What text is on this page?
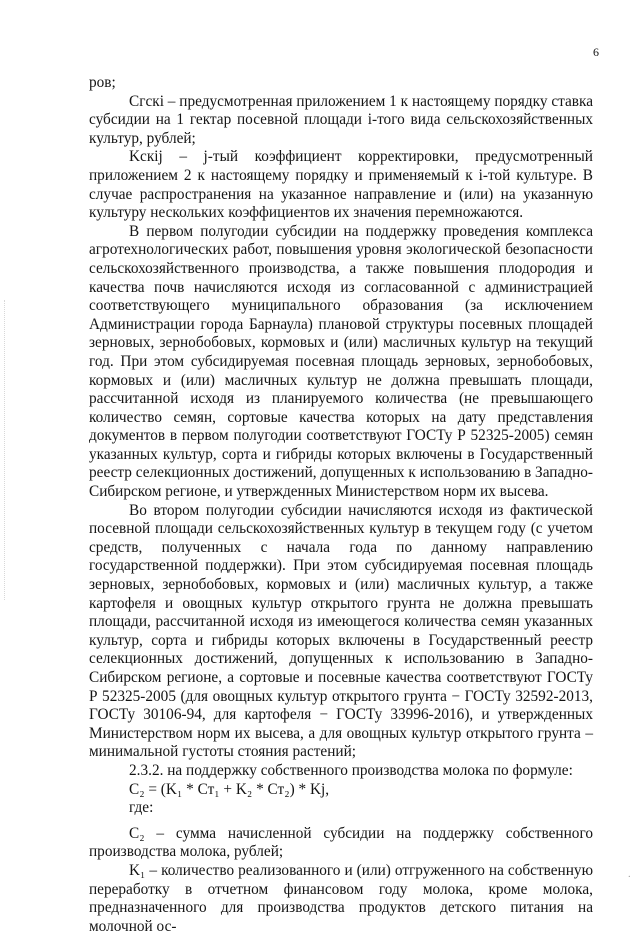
6

ров;

Cгскі – предусмотренная приложением 1 к настоящему порядку ставка субсидии на 1 гектар посевной площади i-того вида сельскохозяйственных культур, рублей;

Kскіj – j-тый коэффициент корректировки, предусмотренный приложением 2 к настоящему порядку и применяемый к i-той культуре. В случае распространения на указанное направление и (или) на указанную культуру нескольких коэффициентов их значения перемножаются.

В первом полугодии субсидии на поддержку проведения комплекса агротехнологических работ, повышения уровня экологической безопасности сельскохозяйственного производства, а также повышения плодородия и качества почв начисляются исходя из согласованной с администрацией соответствующего муниципального образования (за исключением Администрации города Барнаула) плановой структуры посевных площадей зерновых, зернобобовых, кормовых и (или) масличных культур на текущий год. При этом субсидируемая посевная площадь зерновых, зернобобовых, кормовых и (или) масличных культур не должна превышать площади, рассчитанной исходя из планируемого количества (не превышающего количество семян, сортовые качества которых на дату представления документов в первом полугодии соответствуют ГОСТу Р 52325-2005) семян указанных культур, сорта и гибриды которых включены в Государственный реестр селекционных достижений, допущенных к использованию в Западно-Сибирском регионе, и утвержденных Министерством норм их высева.

Во втором полугодии субсидии начисляются исходя из фактической посевной площади сельскохозяйственных культур в текущем году (с учетом средств, полученных с начала года по данному направлению государственной поддержки). При этом субсидируемая посевная площадь зерновых, зернобобовых, кормовых и (или) масличных культур, а также картофеля и овощных культур открытого грунта не должна превышать площади, рассчитанной исходя из имеющегося количества семян указанных культур, сорта и гибриды которых включены в Государственный реестр селекционных достижений, допущенных к использованию в Западно-Сибирском регионе, а сортовые и посевные качества соответствуют ГОСТу Р 52325-2005 (для овощных культур открытого грунта − ГОСТу 32592-2013, ГОСТу 30106-94, для картофеля − ГОСТу 33996-2016), и утвержденных Министерством норм их высева, а для овощных культур открытого грунта – минимальной густоты стояния растений;

2.3.2. на поддержку собственного производства молока по формуле:

C₂ = (K₁ * Ст₁ + K₂ * Ст₂) * Kj,

где:

C₂ – сумма начисленной субсидии на поддержку собственного производства молока, рублей;

K₁ – количество реализованного и (или) отгруженного на собственную переработку в отчетном финансовом году молока, кроме молока, предназначенного для производства продуктов детского питания на молочной ос-

·
